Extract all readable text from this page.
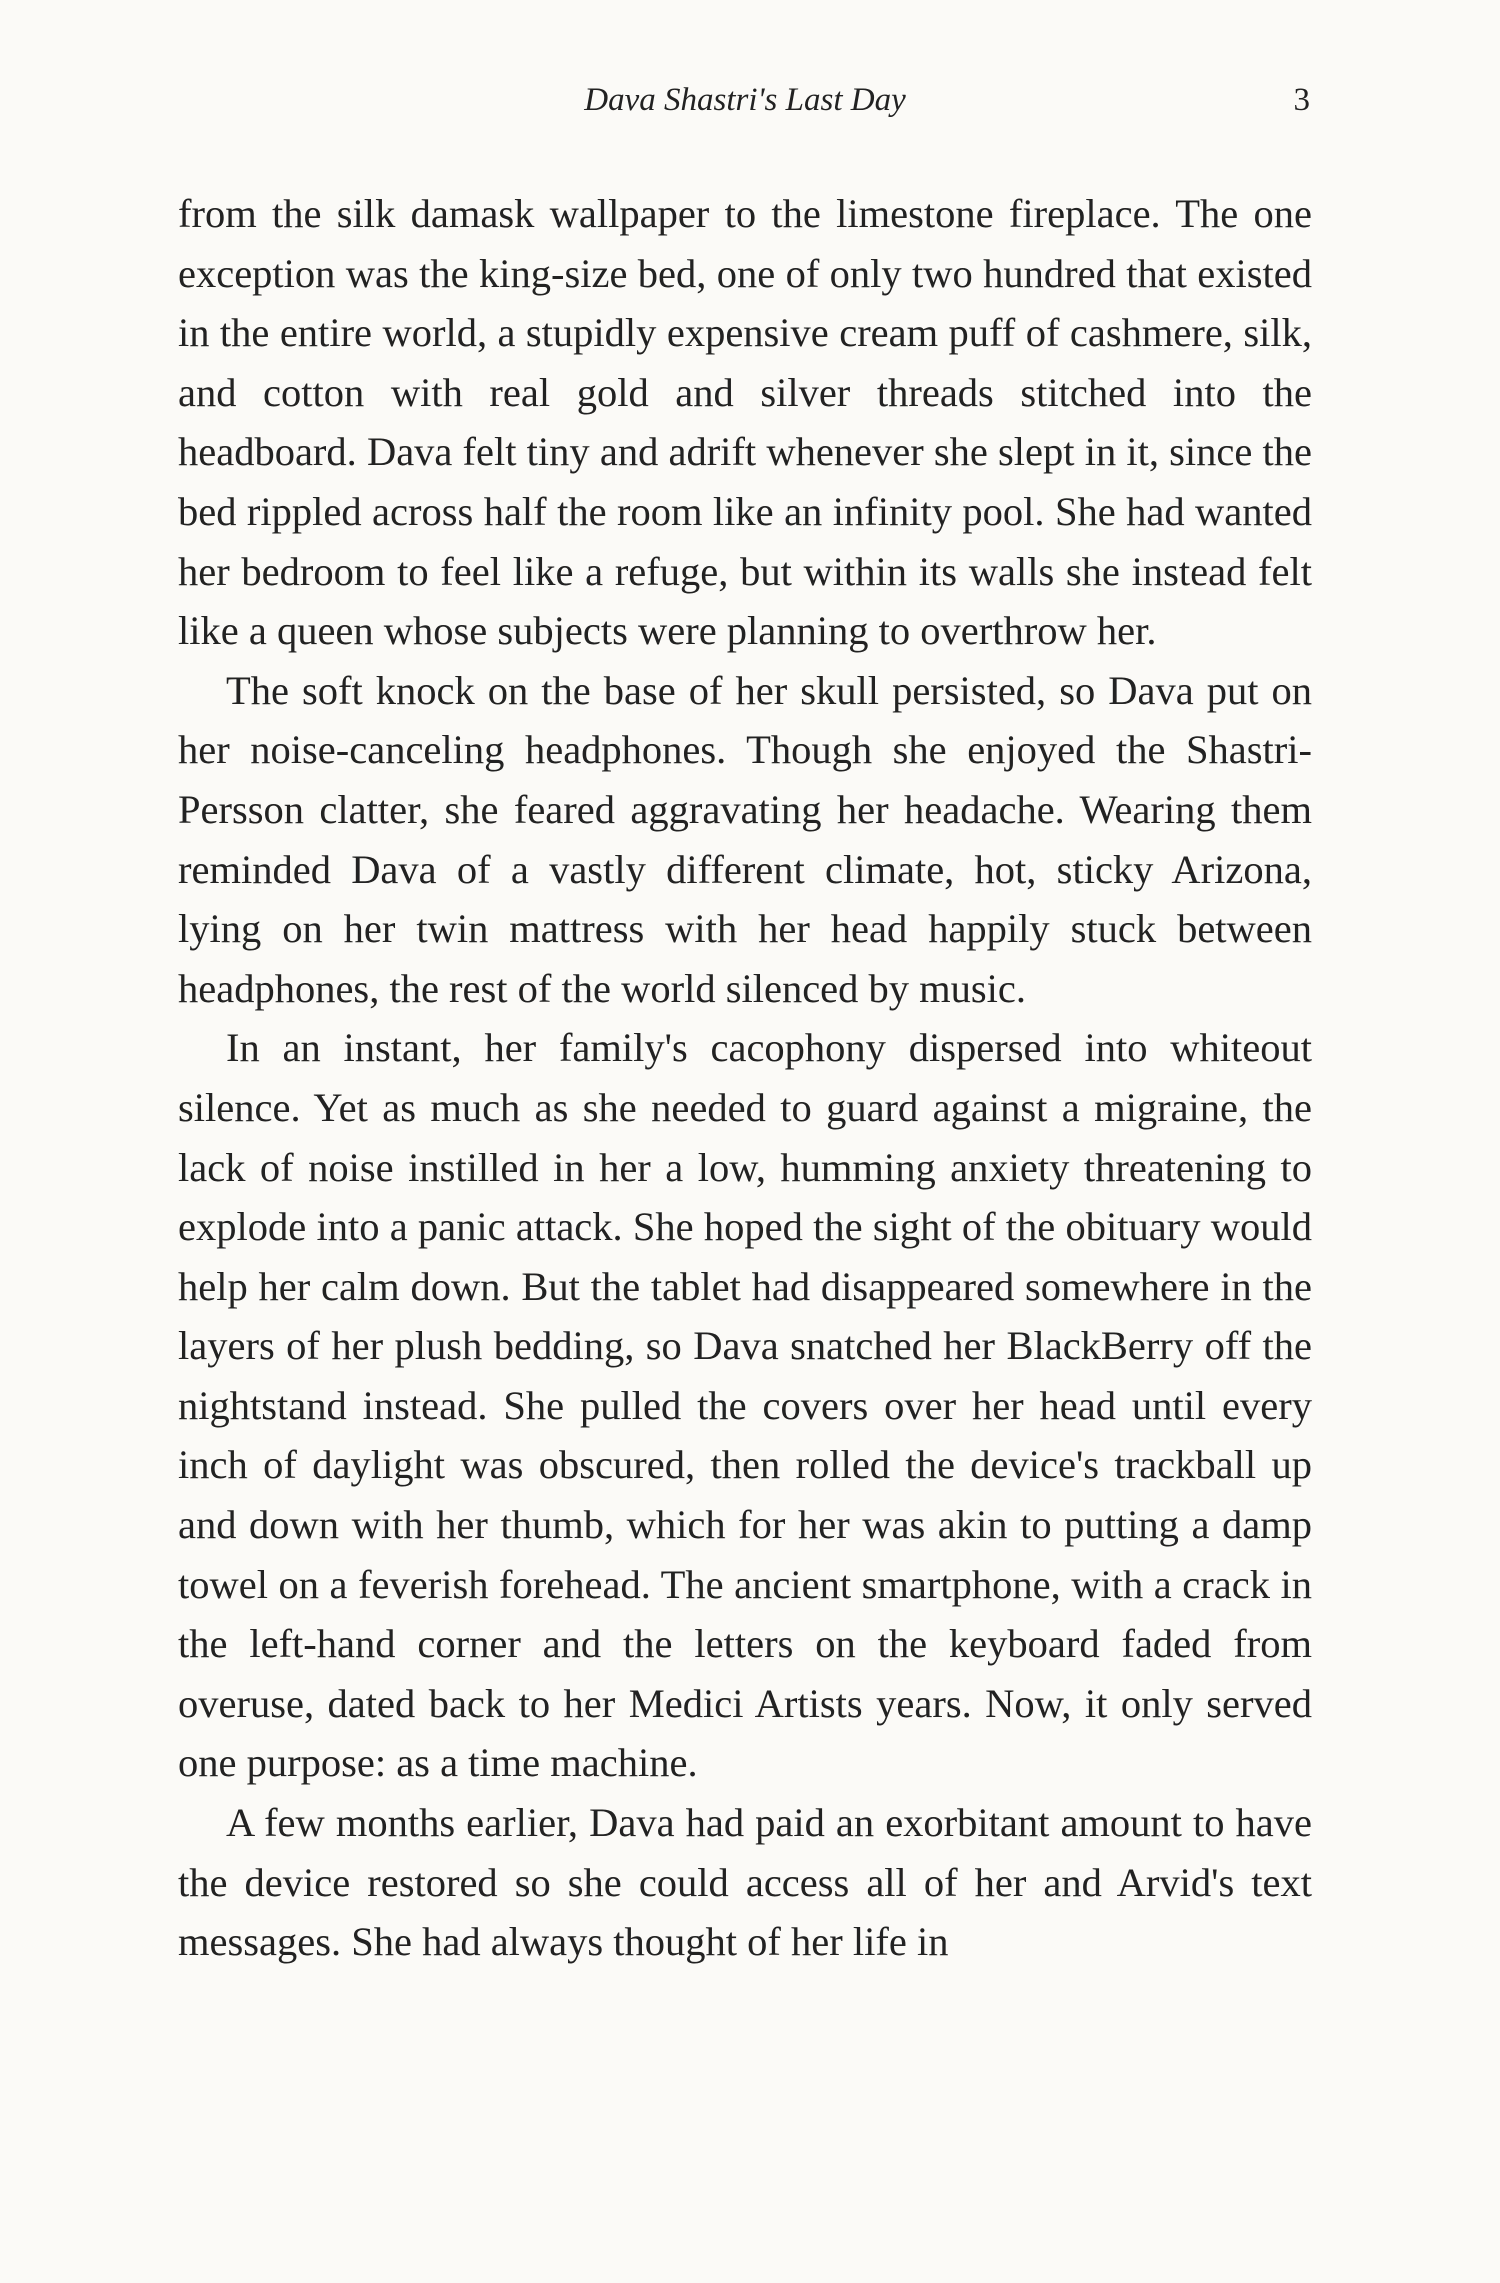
Dava Shastri's Last Day	3

from the silk damask wallpaper to the limestone fireplace. The one exception was the king-size bed, one of only two hundred that existed in the entire world, a stupidly expensive cream puff of cashmere, silk, and cotton with real gold and silver threads stitched into the headboard. Dava felt tiny and adrift whenever she slept in it, since the bed rippled across half the room like an infinity pool. She had wanted her bedroom to feel like a refuge, but within its walls she instead felt like a queen whose subjects were planning to overthrow her.

The soft knock on the base of her skull persisted, so Dava put on her noise-canceling headphones. Though she enjoyed the Shastri-Persson clatter, she feared aggravating her headache. Wearing them reminded Dava of a vastly different climate, hot, sticky Arizona, lying on her twin mattress with her head happily stuck between headphones, the rest of the world silenced by music.

In an instant, her family's cacophony dispersed into whiteout silence. Yet as much as she needed to guard against a migraine, the lack of noise instilled in her a low, humming anxiety threatening to explode into a panic attack. She hoped the sight of the obituary would help her calm down. But the tablet had disappeared somewhere in the layers of her plush bedding, so Dava snatched her BlackBerry off the nightstand instead. She pulled the covers over her head until every inch of daylight was obscured, then rolled the device's trackball up and down with her thumb, which for her was akin to putting a damp towel on a feverish forehead. The ancient smartphone, with a crack in the left-hand corner and the letters on the keyboard faded from overuse, dated back to her Medici Artists years. Now, it only served one purpose: as a time machine.

A few months earlier, Dava had paid an exorbitant amount to have the device restored so she could access all of her and Arvid's text messages. She had always thought of her life in
